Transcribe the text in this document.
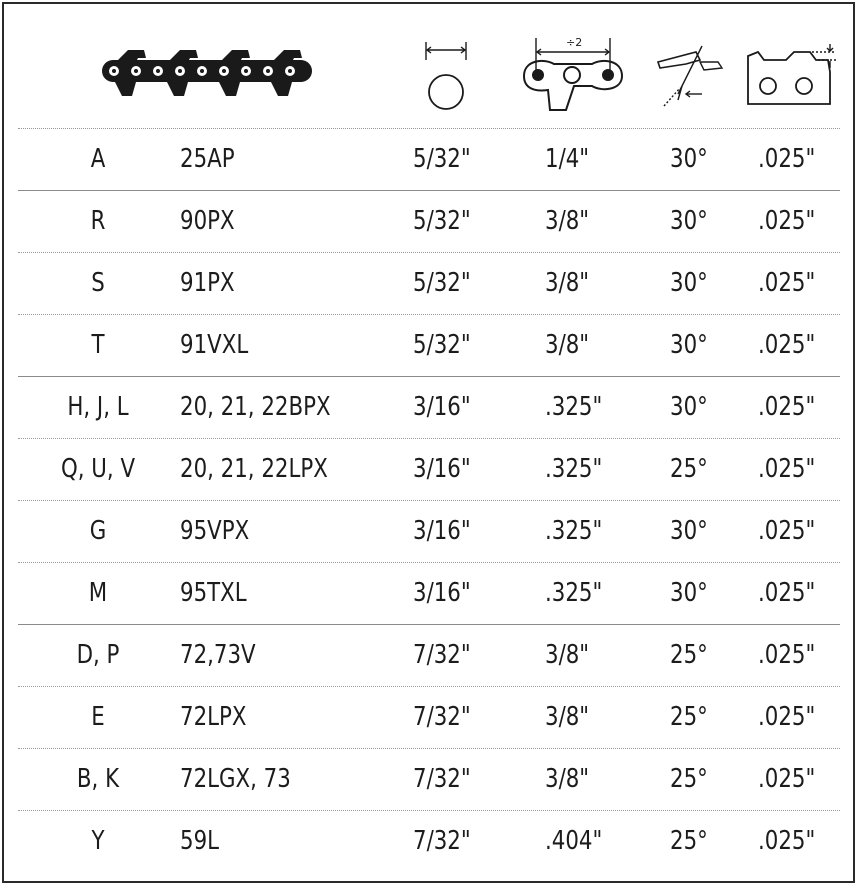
÷2
A	25AP	5/32"	1/4"	30° .025"
R	90PX	5/32"	3/8"	30° .025"
S	91PX	5/32"	3/8"	30° .025"
T	91VXL	5/32"	3/8"	30° .025"
H, J, L	20, 21, 22BPX	3/16"	.325"	30° .025"
Q, U, V	20, 21, 22LPX	3/16"	.325"	25° .025"
G	95VPX	3/16"	.325"	30° .025"
M	95TXL	3/16"	.325"	30° .025"
D, P	72,73V	7/32"	3/8"	25° .025"
E	72LPX	7/32"	3/8"	25° .025"
B, K	72LGX, 73	7/32"	3/8"	25° .025"
Y	59L	7/32"	.404"	25° .025"
